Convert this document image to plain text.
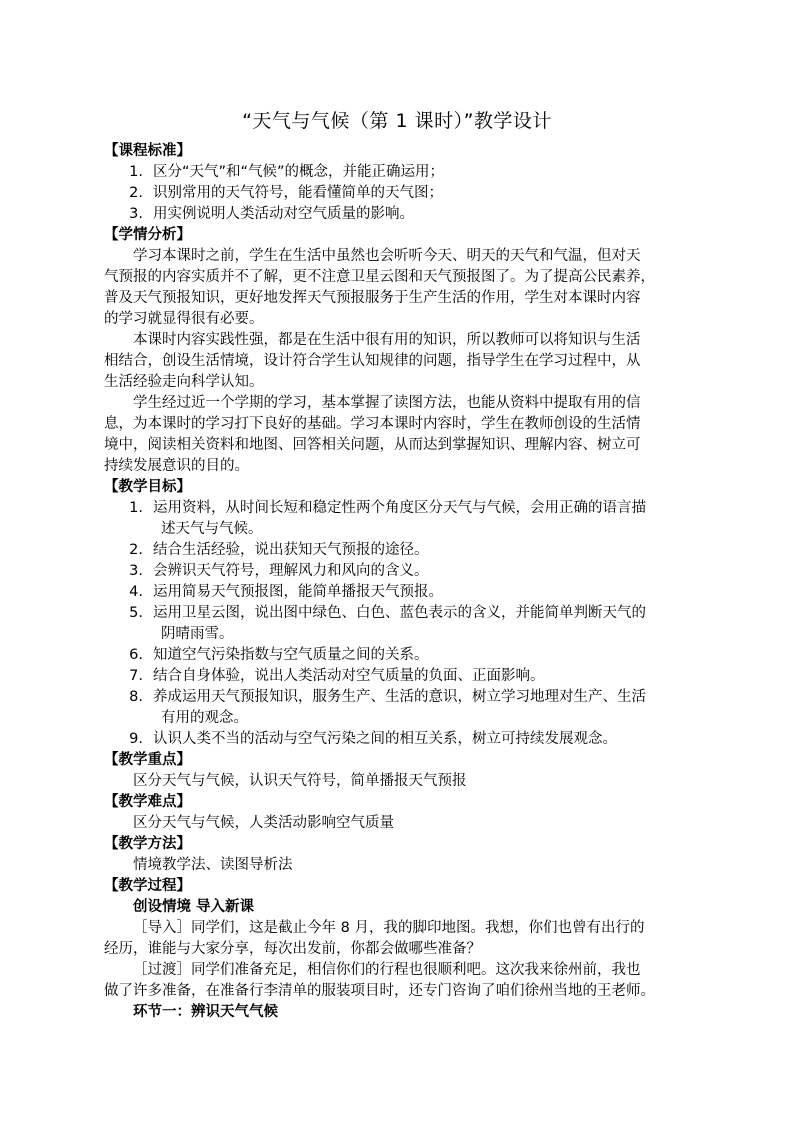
“天气与气候（第 1 课时）”教学设计
【课程标准】
1. 区分“天气”和“气候”的概念，并能正确运用；
2. 识别常用的天气符号，能看懂简单的天气图；
3. 用实例说明人类活动对空气质量的影响。
【学情分析】
学习本课时之前，学生在生活中虽然也会听听今天、明天的天气和气温，但对天
气预报的内容实质并不了解，更不注意卫星云图和天气预报图了。为了提高公民素养，
普及天气预报知识，更好地发挥天气预报服务于生产生活的作用，学生对本课时内容
的学习就显得很有必要。
本课时内容实践性强，都是在生活中很有用的知识，所以教师可以将知识与生活
相结合，创设生活情境，设计符合学生认知规律的问题，指导学生在学习过程中，从
生活经验走向科学认知。
学生经过近一个学期的学习，基本掌握了读图方法，也能从资料中提取有用的信
息，为本课时的学习打下良好的基础。学习本课时内容时，学生在教师创设的生活情
境中，阅读相关资料和地图、回答相关问题，从而达到掌握知识、理解内容、树立可
持续发展意识的目的。
【教学目标】
1. 运用资料，从时间长短和稳定性两个角度区分天气与气候，会用正确的语言描
述天气与气候。
2. 结合生活经验，说出获知天气预报的途径。
3. 会辨识天气符号，理解风力和风向的含义。
4. 运用简易天气预报图，能简单播报天气预报。
5. 运用卫星云图，说出图中绿色、白色、蓝色表示的含义，并能简单判断天气的
阴晴雨雪。
6. 知道空气污染指数与空气质量之间的关系。
7. 结合自身体验，说出人类活动对空气质量的负面、正面影响。
8. 养成运用天气预报知识，服务生产、生活的意识，树立学习地理对生产、生活
有用的观念。
9. 认识人类不当的活动与空气污染之间的相互关系，树立可持续发展观念。
【教学重点】
区分天气与气候，认识天气符号，简单播报天气预报
【教学难点】
区分天气与气候，人类活动影响空气质量
【教学方法】
情境教学法、读图导析法
【教学过程】
创设情境 导入新课
［导入］同学们，这是截止今年 8 月，我的脚印地图。我想，你们也曾有出行的
经历，谁能与大家分享，每次出发前，你都会做哪些准备？
［过渡］同学们准备充足，相信你们的行程也很顺利吧。这次我来徐州前，我也
做了许多准备，在准备行李清单的服装项目时，还专门咨询了咱们徐州当地的王老师。
环节一：辨识天气气候
